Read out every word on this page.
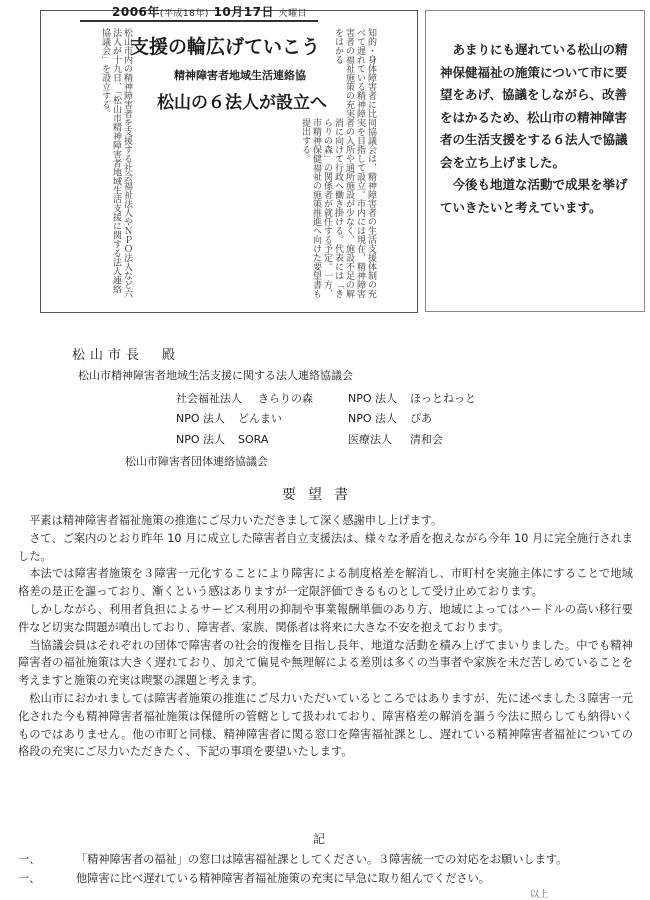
2006年(平成18年) 10月17日 火曜日
松山市内の精神障害者を支援する社会福祉法人やＮＰＯ法人など六法人が十九日、「松山市精神障害者地域生活支援に関する法人連絡協議会」を設立する。	支援の輪広げていこう
精神障害者地域生活連絡協
松山の６法人が設立へ
同協議会は、精神障害者の生活支援体制の充実を目指して設立。市内には現在、精神障害者の入所や通所施設が少なく、施設不足の解消に向けて行政へ働き掛ける。代表には「きらりの森」の関係者が就任する予定。一方、市精神保健福祉の施策推進へ向けた要望書も提出する。
知的・身体障害者に比べて遅れている精神障害者の福祉施策の充実をはかる	あまりにも遅れている松山の精神保健福祉の施策について市に要望をあげ、協議をしながら、改善をはかるため、松山市の精神障害者の生活支援をする６法人で協議会を立ち上げました。

今後も地道な活動で成果を挙げていきたいと考えています。

松山市長　殿
松山市精神障害者地域生活支援に関する法人連絡協議会
社会福祉法人 きらりの森	NPO 法人 ほっとねっと
NPO 法人 どんまい	NPO 法人 ぴあ
NPO 法人 SORA	医療法人 清和会
松山市障害者団体連絡協議会
要望書

平素は精神障害者福祉施策の推進にご尽力いただきまして深く感謝申し上げます。

さて、ご案内のとおり昨年 10 月に成立した障害者自立支援法は、様々な矛盾を抱えながら今年 10 月に完全施行されました。

本法では障害者施策を３障害一元化することにより障害による制度格差を解消し、市町村を実施主体にすることで地域格差の是正を謳っており、漸くという感はありますが一定限評価できるものとして受け止めております。

しかしながら、利用者負担によるサービス利用の抑制や事業報酬単価のあり方、地域によってはハードルの高い移行要件など切実な問題が噴出しており、障害者、家族、関係者は将来に大きな不安を抱えております。

当協議会員はそれぞれの団体で障害者の社会的復権を目指し長年、地道な活動を積み上げてまいりました。中でも精神障害者の福祉施策は大きく遅れており、加えて偏見や無理解による差別は多くの当事者や家族を未だ苦しめていることを考えますと施策の充実は喫緊の課題と考えます。

松山市におかれましては障害者施策の推進にご尽力いただいているところではありますが、先に述べました３障害一元化された今も精神障害者福祉施策は保健所の管轄として扱われており、障害格差の解消を謳う今法に照らしても納得いくものではありません。他の市町と同様、精神障害者に関る窓口を障害福祉課とし、遅れている精神障害者福祉についての格段の充実にご尽力いただきたく、下記の事項を要望いたします。

記
一、	「精神障害者の福祉」の窓口は障害福祉課としてください。３障害統一での対応をお願いします。
一、	他障害に比べ遅れている精神障害者福祉施策の充実に早急に取り組んでください。
以上
